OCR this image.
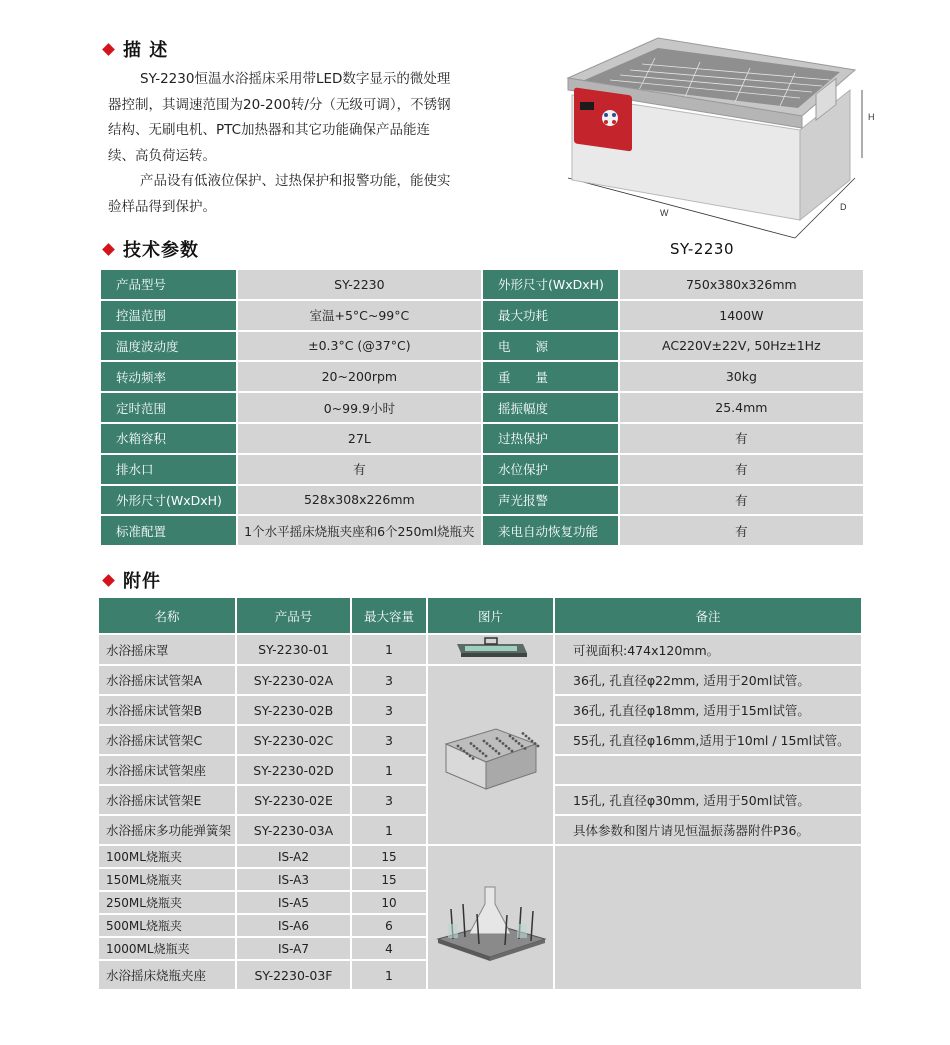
描 述

SY-2230恒温水浴摇床采用带LED数字显示的微处理器控制，其调速范围为20-200转/分（无级可调），不锈钢结构、无刷电机、PTC加热器和其它功能确保产品能连续、高负荷运转。

产品设有低液位保护、过热保护和报警功能，能使实验样品得到保护。	W
D
H
SY-2230
技术参数
产品型号	SY-2230	外形尺寸(WxDxH)	750x380x326mm
控温范围	室温+5°C~99°C	最大功耗	1400W
温度波动度	±0.3°C (@37°C)	电　　源	AC220V±22V, 50Hz±1Hz
转动频率	20~200rpm	重　　量	30kg
定时范围	0~99.9小时	摇振幅度	25.4mm
水箱容积	27L	过热保护	有
排水口	有	水位保护	有
外形尺寸(WxDxH)	528x308x226mm	声光报警	有
标准配置	1个水平摇床烧瓶夹座和6个250ml烧瓶夹	来电自动恢复功能	有
附件
名称	产品号	最大容量	图片	备注
水浴摇床罩	SY-2230-01	1		可视面积:474x120mm。
水浴摇床试管架A	SY-2230-02A	3		36孔, 孔直径φ22mm, 适用于20ml试管。
水浴摇床试管架B	SY-2230-02B	3		36孔, 孔直径φ18mm, 适用于15ml试管。
水浴摇床试管架C	SY-2230-02C	3		55孔, 孔直径φ16mm,适用于10ml / 15ml试管。
水浴摇床试管架座	SY-2230-02D	1		
水浴摇床试管架E	SY-2230-02E	3		15孔, 孔直径φ30mm, 适用于50ml试管。
水浴摇床多功能弹簧架	SY-2230-03A	1		具体参数和图片请见恒温振荡器附件P36。
100ML烧瓶夹	IS-A2	15		
150ML烧瓶夹	IS-A3	15		
250ML烧瓶夹	IS-A5	10		
500ML烧瓶夹	IS-A6	6		
1000ML烧瓶夹	IS-A7	4		
水浴摇床烧瓶夹座	SY-2230-03F	1		
